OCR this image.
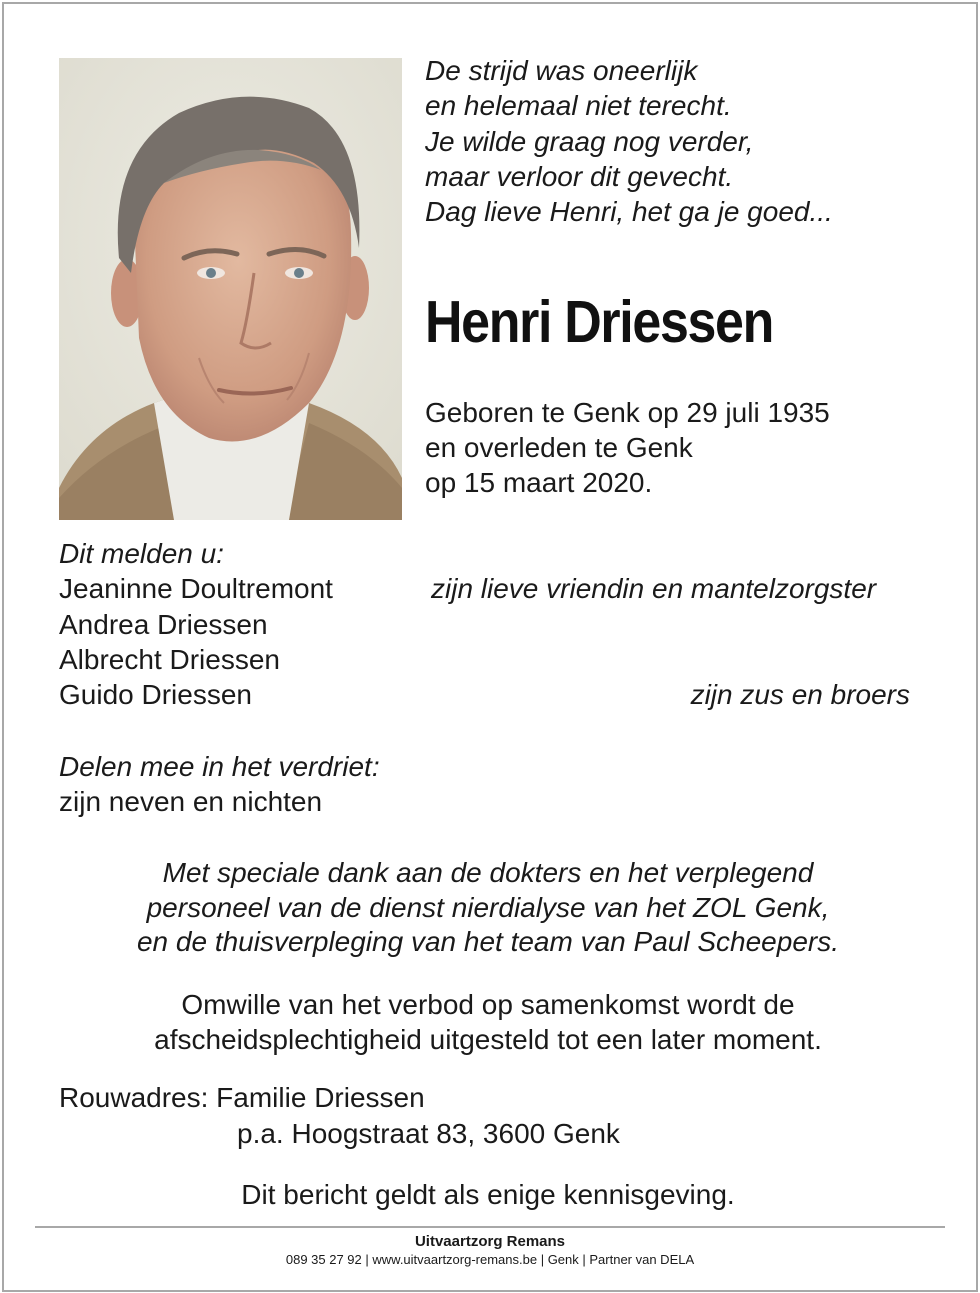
De strijd was oneerlijk
en helemaal niet terecht.
Je wilde graag nog verder,
maar verloor dit gevecht.
Dag lieve Henri, het ga je goed...
Henri Driessen
Geboren te Genk op 29 juli 1935
en overleden te Genk
op 15 maart 2020.
Dit melden u:
Jeaninne Doultremont	zijn lieve vriendin en mantelzorgster
Andrea Driessen
Albrecht Driessen
Guido Driessen	zijn zus en broers
Delen mee in het verdriet:
zijn neven en nichten
Met speciale dank aan de dokters en het verplegend
personeel van de dienst nierdialyse van het ZOL Genk,
en de thuisverpleging van het team van Paul Scheepers.
Omwille van het verbod op samenkomst wordt de
afscheidsplechtigheid uitgesteld tot een later moment.
Rouwadres: Familie Driessen
p.a. Hoogstraat 83, 3600 Genk
Dit bericht geldt als enige kennisgeving.
Uitvaartzorg Remans
089 35 27 92 | www.uitvaartzorg-remans.be | Genk | Partner van DELA
